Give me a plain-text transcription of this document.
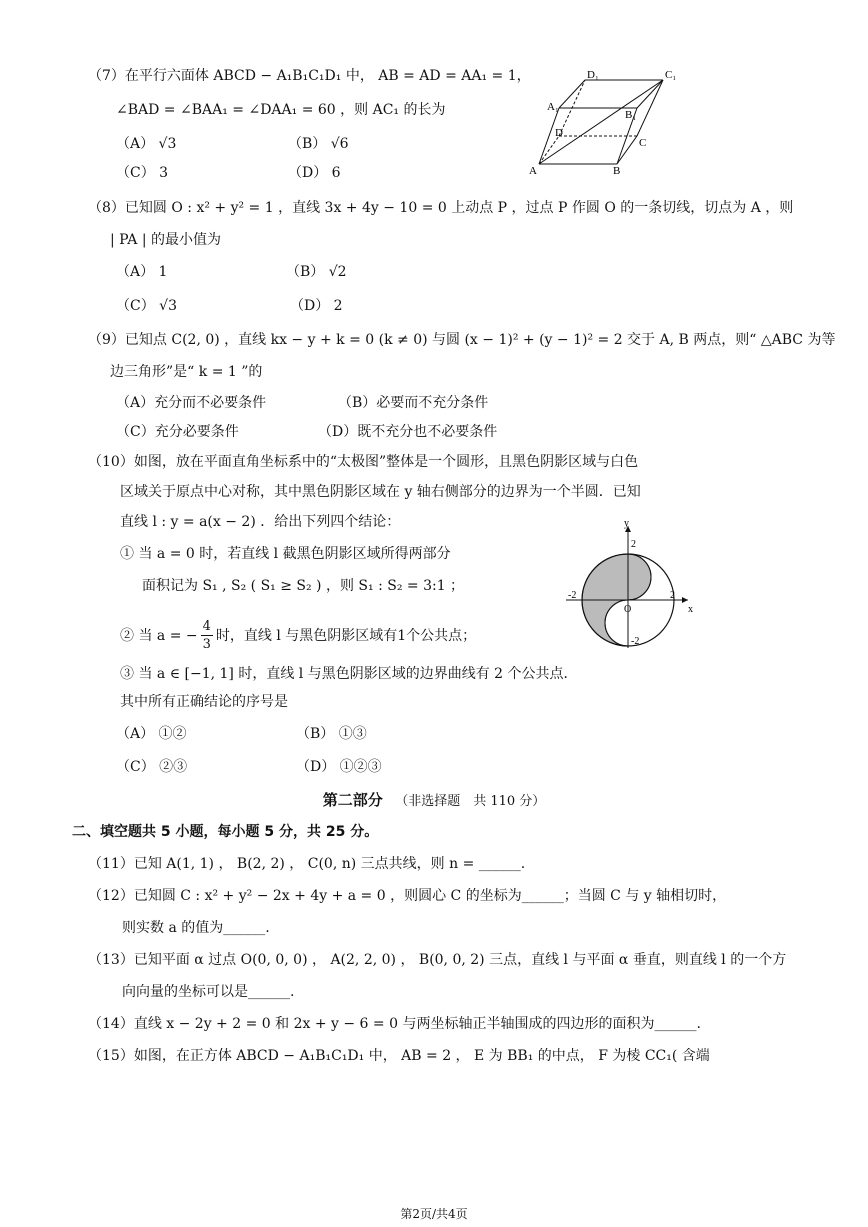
（7）在平行六面体 ABCD − A₁B₁C₁D₁ 中， AB = AD = AA₁ = 1，
∠BAD = ∠BAA₁ = ∠DAA₁ = 60 ，则 AC₁ 的长为
（A） √3	（B） √6
（C） 3	（D） 6
D₁	C₁
A₁
B₁
D
C
A	B
（8）已知圆 O : x² + y² = 1 ，直线 3x + 4y − 10 = 0 上动点 P ，过点 P 作圆 O 的一条切线，切点为 A ，则
| PA | 的最小值为
（A） 1	（B） √2
（C） √3	（D） 2
（9）已知点 C(2, 0) ，直线 kx − y + k = 0 (k ≠ 0) 与圆 (x − 1)² + (y − 1)² = 2 交于 A, B 两点，则“ △ABC 为等
边三角形”是“ k = 1 ”的
（A）充分而不必要条件	（B）必要而不充分条件
（C）充分必要条件	（D）既不充分也不必要条件
（10）如图，放在平面直角坐标系中的“太极图”整体是一个圆形，且黑色阴影区域与白色
区域关于原点中心对称，其中黑色阴影区域在 y 轴右侧部分的边界为一个半圆．已知
直线 l : y = a(x − 2) ．给出下列四个结论：
① 当 a = 0 时，若直线 l 截黑色阴影区域所得两部分
面积记为 S₁ , S₂ ( S₁ ≥ S₂ ) ，则 S₁ : S₂ = 3:1 ；
② 当 a = − $\frac{4}{3}$ 时，直线 l 与黑色阴影区域有1个公共点；
③ 当 a ∈ [−1, 1] 时，直线 l 与黑色阴影区域的边界曲线有 2 个公共点．
其中所有正确结论的序号是
（A） ①②	（B） ①③
（C） ②③	（D） ①②③
y
x
O
2
-2
2
-2
第二部分 （非选择题　共 110 分）
二、填空题共 5 小题，每小题 5 分，共 25 分。
（11）已知 A(1, 1) ， B(2, 2) ， C(0, n) 三点共线，则 n = ______.
（12）已知圆 C : x² + y² − 2x + 4y + a = 0 ，则圆心 C 的坐标为______；当圆 C 与 y 轴相切时，
则实数 a 的值为______.
（13）已知平面 α 过点 O(0, 0, 0) ， A(2, 2, 0) ， B(0, 0, 2) 三点，直线 l 与平面 α 垂直，则直线 l 的一个方
向向量的坐标可以是______.
（14）直线 x − 2y + 2 = 0 和 2x + y − 6 = 0 与两坐标轴正半轴围成的四边形的面积为______.
（15）如图，在正方体 ABCD − A₁B₁C₁D₁ 中， AB = 2 ， E 为 BB₁ 的中点， F 为棱 CC₁( 含端
第2页/共4页
